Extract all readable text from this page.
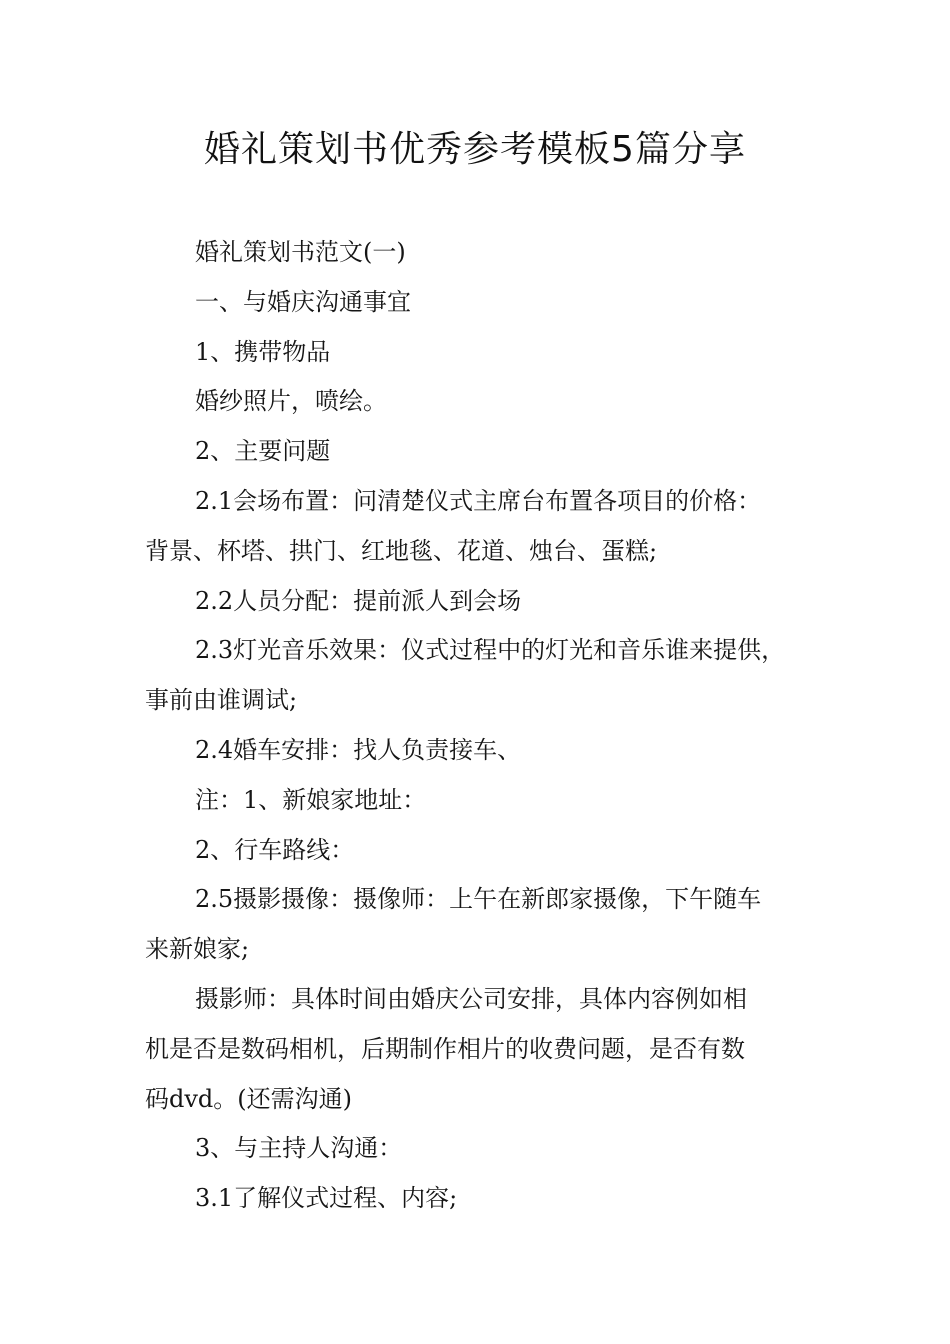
婚礼策划书优秀参考模板5篇分享

婚礼策划书范文(一)

一、与婚庆沟通事宜

1、携带物品

婚纱照片，喷绘。

2、主要问题

2.1会场布置：问清楚仪式主席台布置各项目的价格：

背景、杯塔、拱门、红地毯、花道、烛台、蛋糕;

2.2人员分配：提前派人到会场

2.3灯光音乐效果：仪式过程中的灯光和音乐谁来提供，

事前由谁调试;

2.4婚车安排：找人负责接车、

注：1、新娘家地址：

2、行车路线：

2.5摄影摄像：摄像师：上午在新郎家摄像，下午随车

来新娘家;

摄影师：具体时间由婚庆公司安排，具体内容例如相

机是否是数码相机，后期制作相片的收费问题，是否有数

码dvd。(还需沟通)

3、与主持人沟通：

3.1了解仪式过程、内容;
